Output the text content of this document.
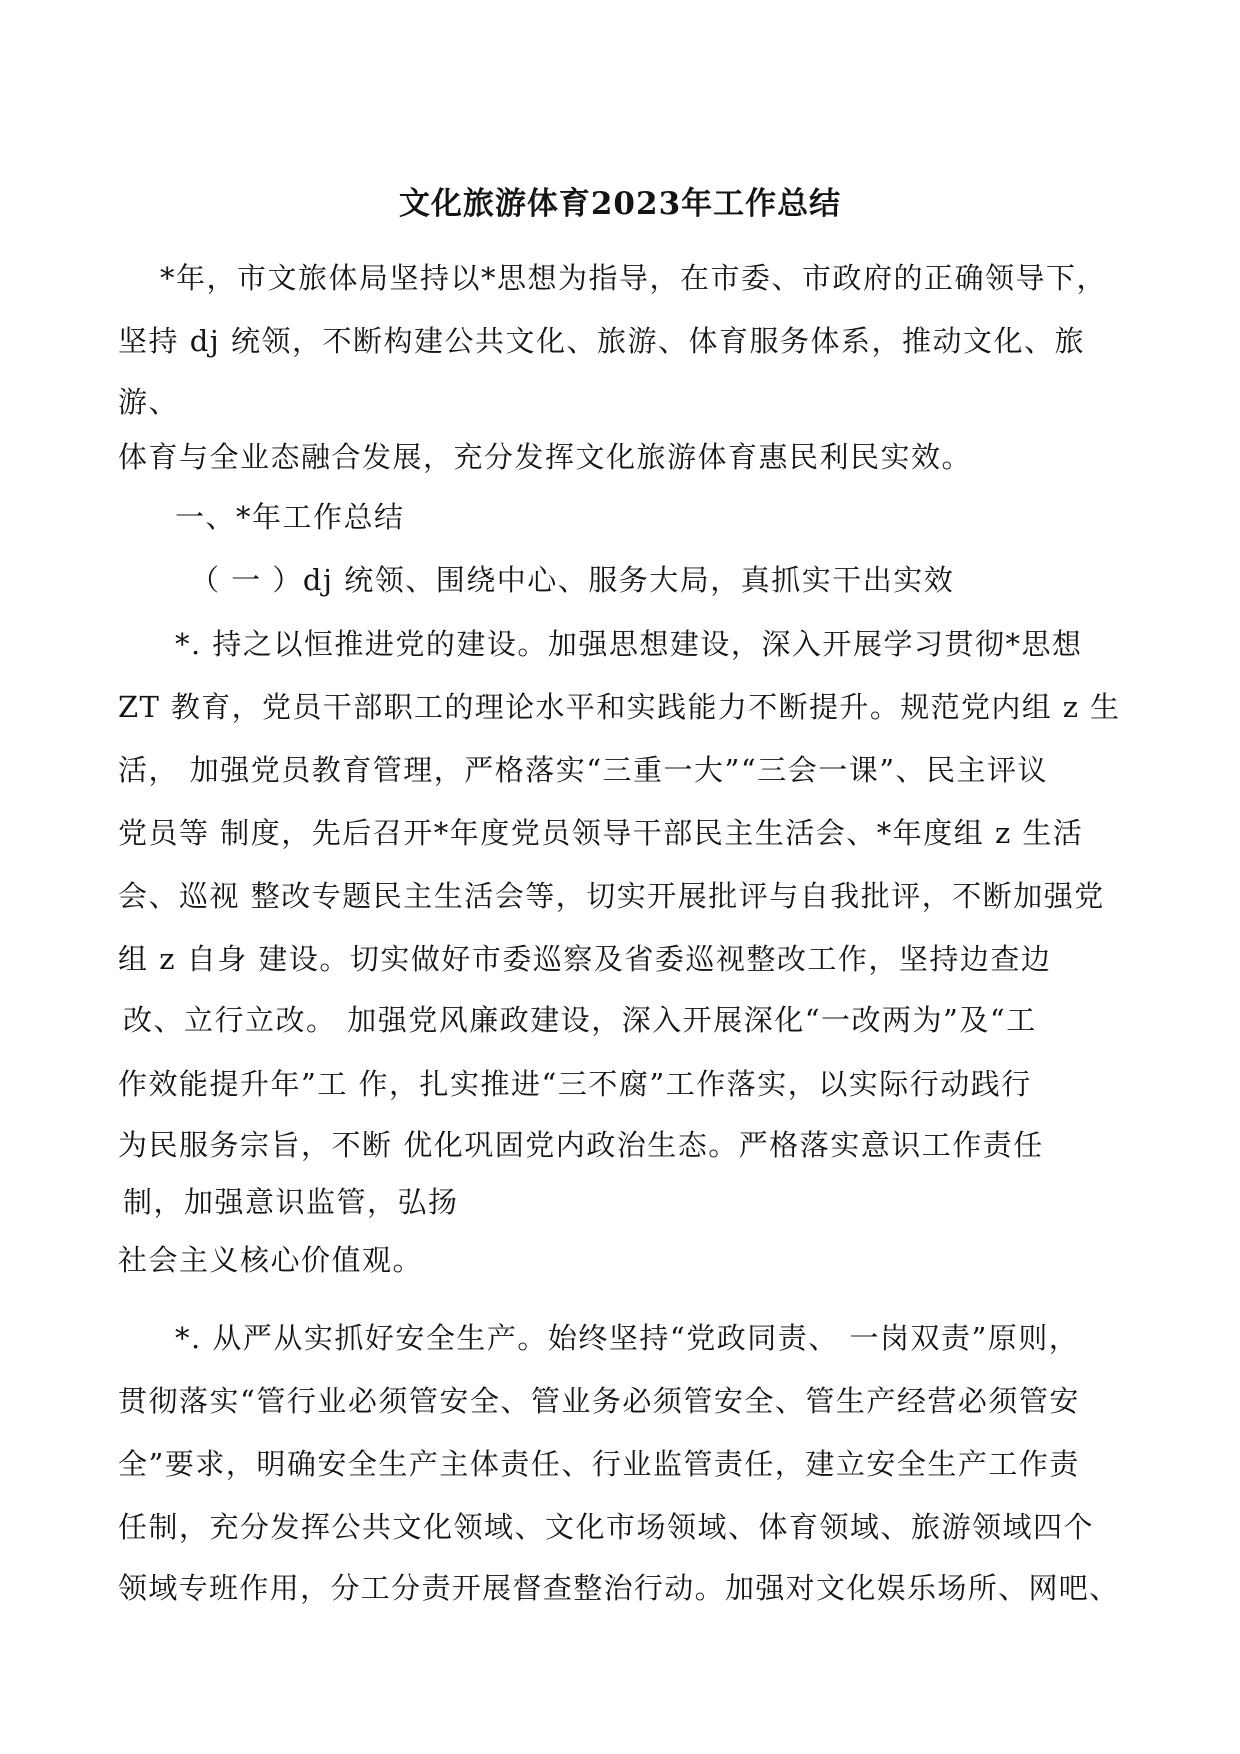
文化旅游体育2023年工作总结
*年，市文旅体局坚持以*思想为指导，在市委、市政府的正确领导下，
坚持 dj 统领，不断构建公共文化、旅游、体育服务体系，推动文化、旅
游、
体育与全业态融合发展，充分发挥文化旅游体育惠民利民实效。
一、*年工作总结
（ 一 ）dj 统领、围绕中心、服务大局，真抓实干出实效
*. 持之以恒推进党的建设。加强思想建设，深入开展学习贯彻*思想
ZT 教育，党员干部职工的理论水平和实践能力不断提升。规范党内组 z 生
活， 加强党员教育管理，严格落实“三重一大”“三会一课”、民主评议
党员等 制度，先后召开*年度党员领导干部民主生活会、*年度组 z 生活
会、巡视 整改专题民主生活会等，切实开展批评与自我批评，不断加强党
组 z 自身 建设。切实做好市委巡察及省委巡视整改工作，坚持边查边
改、立行立改。 加强党风廉政建设，深入开展深化“一改两为”及“工
作效能提升年”工 作，扎实推进“三不腐”工作落实，以实际行动践行
为民服务宗旨，不断 优化巩固党内政治生态。严格落实意识工作责任
制，加强意识监管，弘扬
社会主义核心价值观。
*. 从严从实抓好安全生产。始终坚持“党政同责、 一岗双责”原则，
贯彻落实“管行业必须管安全、管业务必须管安全、管生产经营必须管安
全”要求，明确安全生产主体责任、行业监管责任，建立安全生产工作责
任制，充分发挥公共文化领域、文化市场领域、体育领域、旅游领域四个
领域专班作用，分工分责开展督查整治行动。加强对文化娱乐场所、网吧、
